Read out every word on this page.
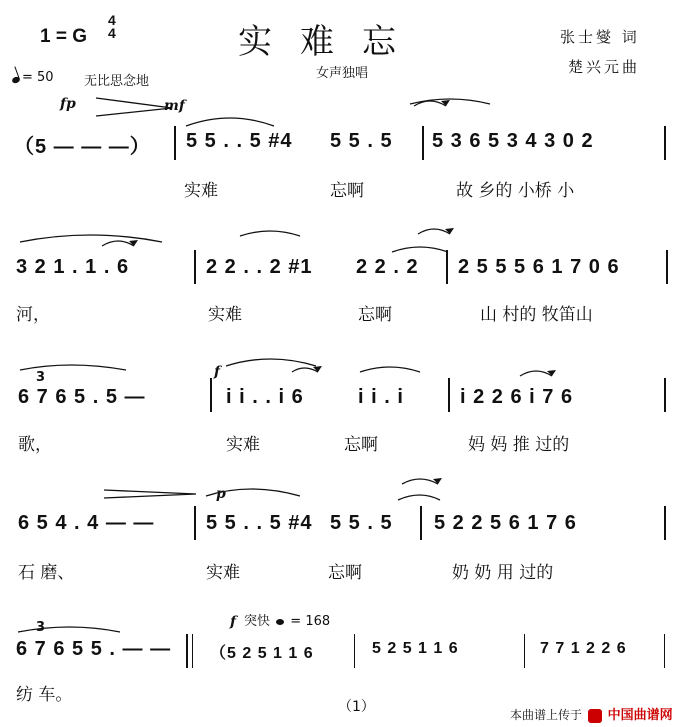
1 = G
4
4	实难忘
女声独唱
张士燮 词
楚兴元曲
= 50 无比思念地
fp	mf
f
p
f 突快 = 168
（5 — — —） 5 5 . . 5 #4 5 5 . 5 5 3 6 5 3 4 3 0 2
实难	忘啊	故 乡的 小桥 小
3 2 1 . 1 . 6	2 2 . . 2 #1 2 2 . 2 2 5 5 5 6 1 7 0 6
河，	实难	忘啊	山 村的 牧笛山
3
6 7 6 5 . 5 —	i i . . i 6	i i . i	i 2 2 6 i 7 6
歌，	实难	忘啊	妈 妈 推 过的
6 5 4 . 4 — —	5 5 . . 5 #4 5 5 . 5 5 2 2 5 6 1 7 6
石 磨、	实难	忘啊	奶 奶 用 过的
3
6 7 6 5 5 . — — （5 2 5 1 1 6	5 2 5 1 1 6	7 7 1 2 2 6
纺 车。
（1）	本曲谱上传于 中国曲谱网
